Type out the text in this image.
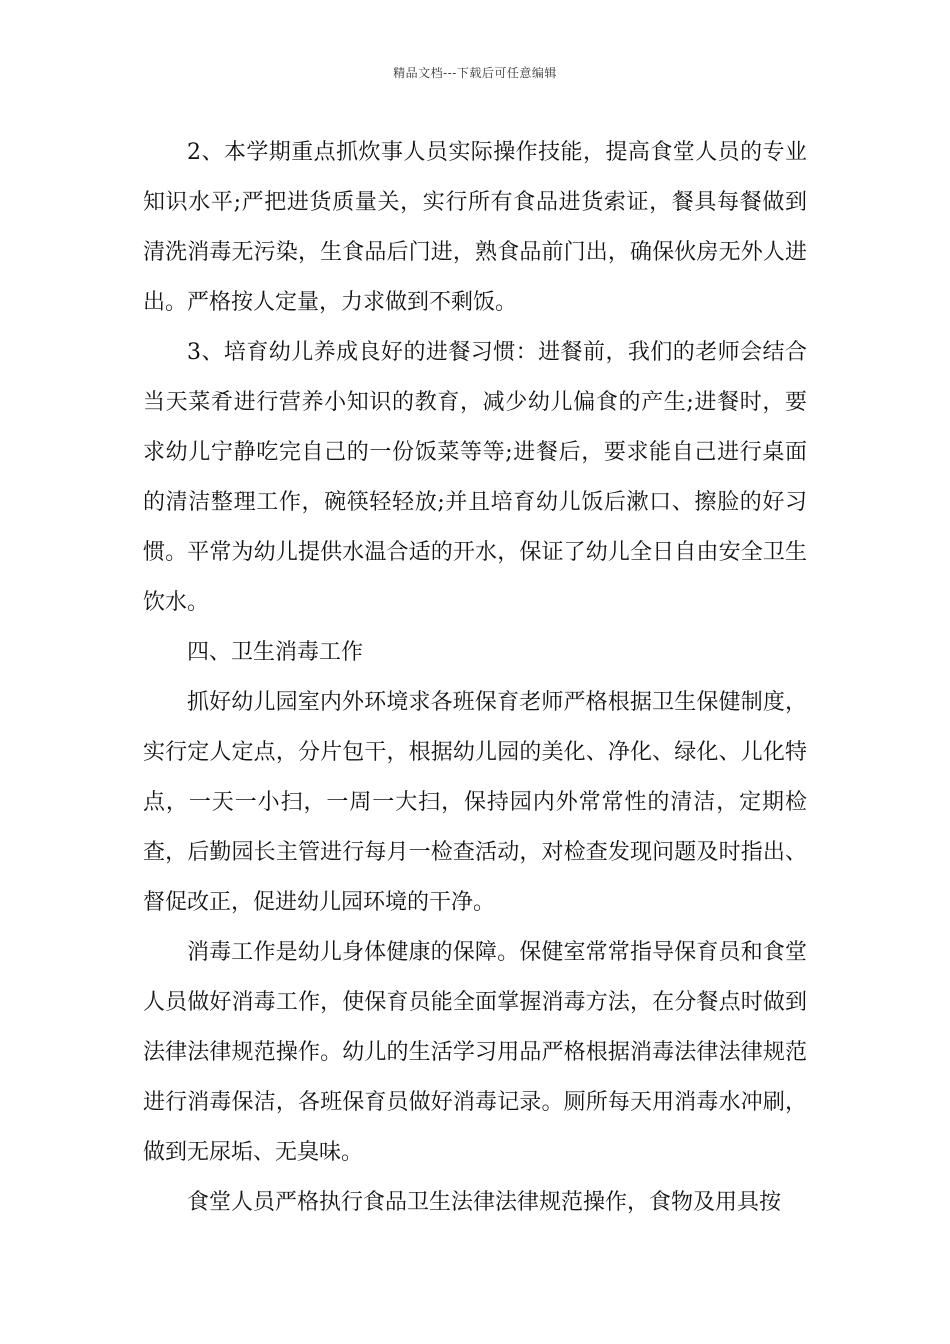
精品文档---下载后可任意编辑

2、本学期重点抓炊事人员实际操作技能，提高食堂人员的专业知识水平;严把进货质量关，实行所有食品进货索证，餐具每餐做到清洗消毒无污染，生食品后门进，熟食品前门出，确保伙房无外人进出。严格按人定量，力求做到不剩饭。

3、培育幼儿养成良好的进餐习惯：进餐前，我们的老师会结合当天菜肴进行营养小知识的教育，减少幼儿偏食的产生;进餐时，要求幼儿宁静吃完自己的一份饭菜等等;进餐后，要求能自己进行桌面的清洁整理工作，碗筷轻轻放;并且培育幼儿饭后漱口、擦脸的好习惯。平常为幼儿提供水温合适的开水，保证了幼儿全日自由安全卫生饮水。

四、卫生消毒工作

抓好幼儿园室内外环境求各班保育老师严格根据卫生保健制度，实行定人定点，分片包干，根据幼儿园的美化、净化、绿化、儿化特点，一天一小扫，一周一大扫，保持园内外常常性的清洁，定期检查，后勤园长主管进行每月一检查活动，对检查发现问题及时指出、督促改正，促进幼儿园环境的干净。

消毒工作是幼儿身体健康的保障。保健室常常指导保育员和食堂人员做好消毒工作，使保育员能全面掌握消毒方法，在分餐点时做到法律法律规范操作。幼儿的生活学习用品严格根据消毒法律法律规范进行消毒保洁，各班保育员做好消毒记录。厕所每天用消毒水冲刷，做到无尿垢、无臭味。

食堂人员严格执行食品卫生法律法律规范操作，食物及用具按
